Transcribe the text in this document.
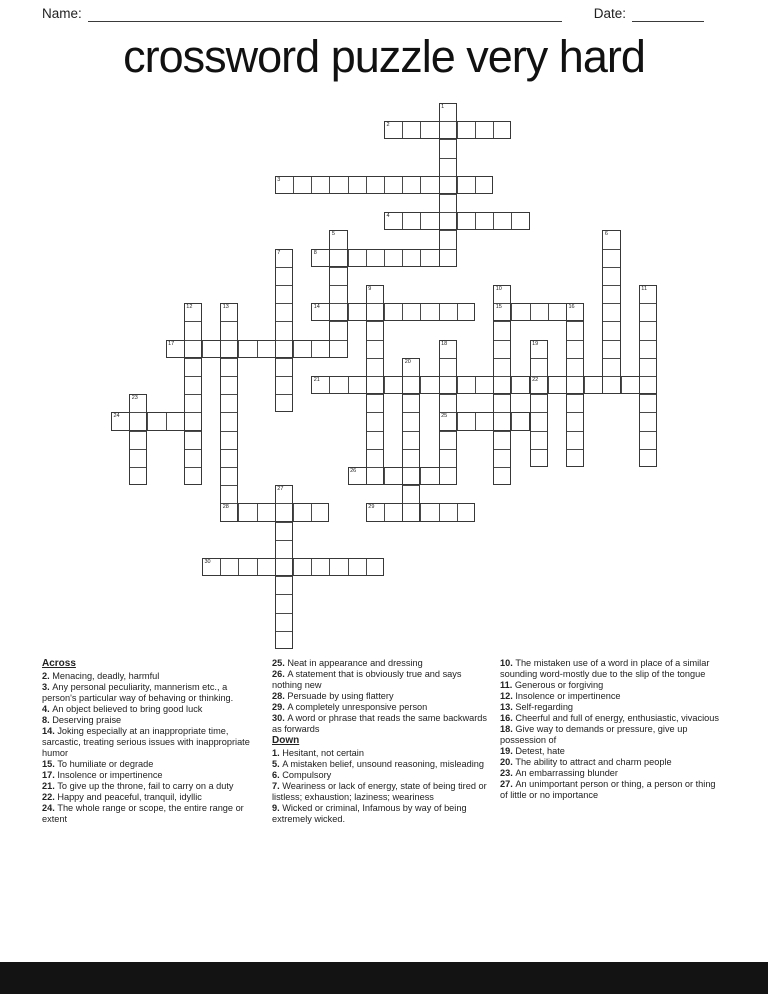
Name:	Date:
crossword puzzle very hard
2
3
4
8
14	15
17
21	22
24	25
26
28	29
30
1
5	6
7
9	10	11
12	13	16
18	19
20
23
27
Across
2. Menacing, deadly, harmful
3. Any personal peculiarity, mannerism etc., a person's particular way of behaving or thinking.
4. An object believed to bring good luck
8. Deserving praise
14. Joking especially at an inappropriate time, sarcastic, treating serious issues with inappropriate humor
15. To humiliate or degrade
17. Insolence or impertinence
21. To give up the throne, fail to carry on a duty
22. Happy and peaceful, tranquil, idyllic
24. The whole range or scope, the entire range or extent
25. Neat in appearance and dressing
26. A statement that is obviously true and says nothing new
28. Persuade by using flattery
29. A completely unresponsive person
30. A word or phrase that reads the same backwards as forwards
Down
1. Hesitant, not certain
5. A mistaken belief, unsound reasoning, misleading
6. Compulsory
7. Weariness or lack of energy, state of being tired or listless; exhaustion; laziness; weariness
9. Wicked or criminal, Infamous by way of being extremely wicked.
10. The mistaken use of a word in place of a similar sounding word-mostly due to the slip of the tongue
11. Generous or forgiving
12. Insolence or impertinence
13. Self-regarding
16. Cheerful and full of energy, enthusiastic, vivacious
18. Give way to demands or pressure, give up possession of
19. Detest, hate
20. The ability to attract and charm people
23. An embarrassing blunder
27. An unimportant person or thing, a person or thing of little or no importance
